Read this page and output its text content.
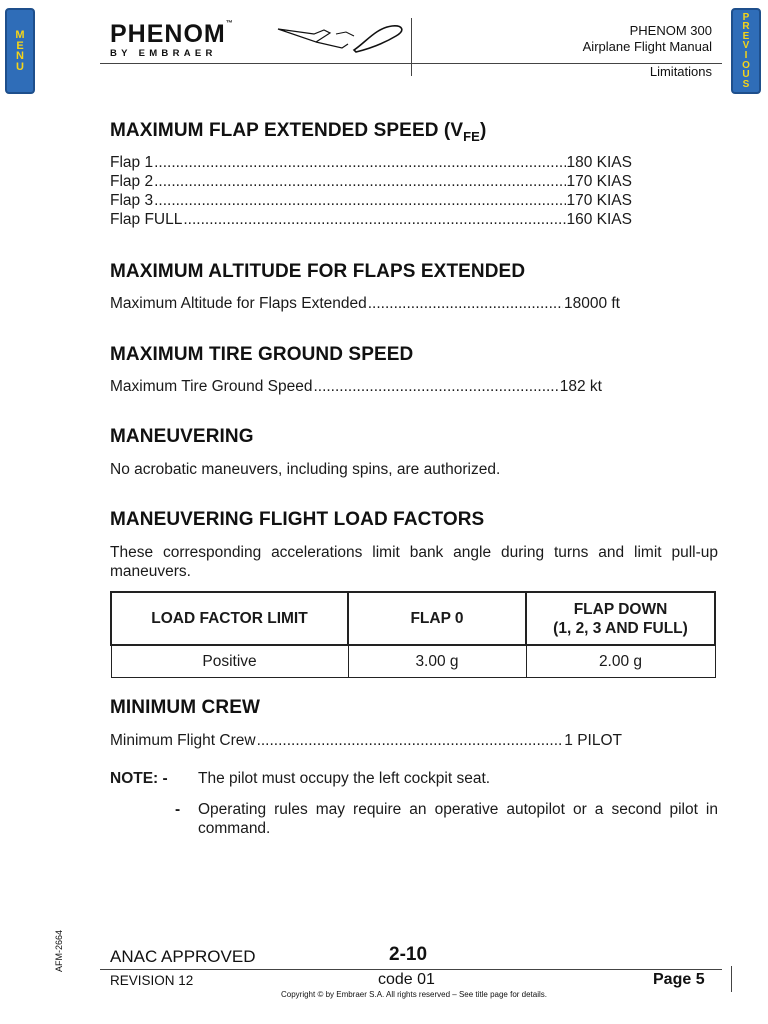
M
E
N
U
P
R
E
V
I
O
U
S
PHENOM™
BY EMBRAER
PHENOM 300
Airplane Flight Manual
Limitations
MAXIMUM FLAP EXTENDED SPEED $(V_{FE})$
Flap 1 .....	180 KIAS
Flap 2 .....	170 KIAS
Flap 3 .....	170 KIAS
Flap FULL .....	160 KIAS
MAXIMUM ALTITUDE FOR FLAPS EXTENDED
Maximum Altitude for Flaps Extended .....	18000 ft
MAXIMUM TIRE GROUND SPEED
Maximum Tire Ground Speed .....	182 kt
MANEUVERING
No acrobatic maneuvers, including spins, are authorized.
MANEUVERING FLIGHT LOAD FACTORS
These corresponding accelerations limit bank angle during turns and limit pull-up maneuvers.
LOAD FACTOR LIMIT	FLAP 0	FLAP DOWN
(1, 2, 3 AND FULL)
Positive	3.00 g	2.00 g
MINIMUM CREW
Minimum Flight Crew .....	1 PILOT
NOTE: - The pilot must occupy the left cockpit seat.
- Operating rules may require an operative autopilot or a second pilot in command.
AFM-2664	ANAC APPROVED	2-10
REVISION 12	code 01	Page 5
Copyright © by Embraer S.A. All rights reserved – See title page for details.
